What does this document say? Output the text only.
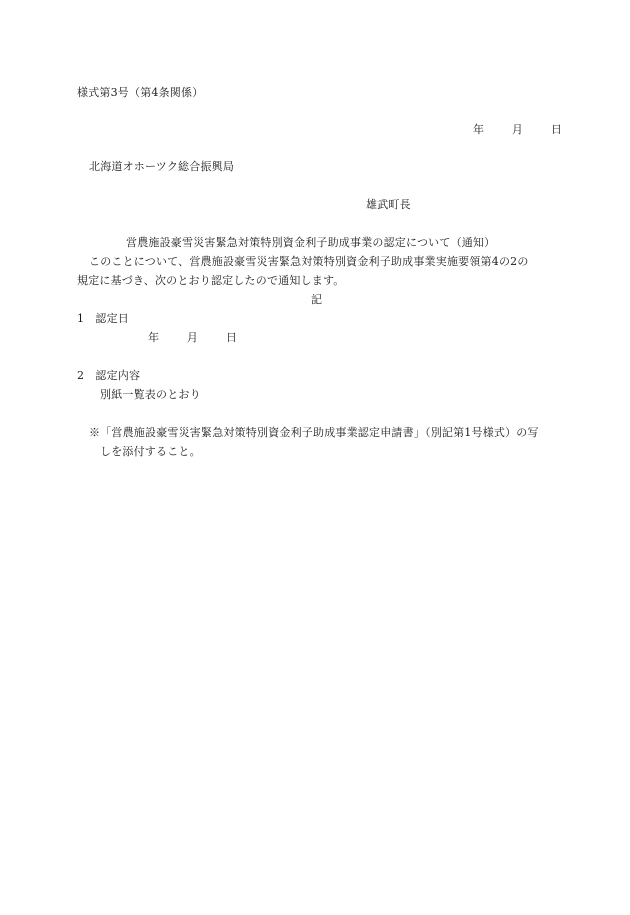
様式第3号（第4条関係）
年	月	日
北海道オホーツク総合振興局
雄武町長
営農施設豪雪災害緊急対策特別資金利子助成事業の認定について（通知）
このことについて、営農施設豪雪災害緊急対策特別資金利子助成事業実施要領第4の2の
規定に基づき、次のとおり認定したので通知します。
記
1　認定日
年	月	日
2　認定内容
別紙一覧表のとおり
※「営農施設豪雪災害緊急対策特別資金利子助成事業認定申請書」（別記第1号様式）の写
しを添付すること。
